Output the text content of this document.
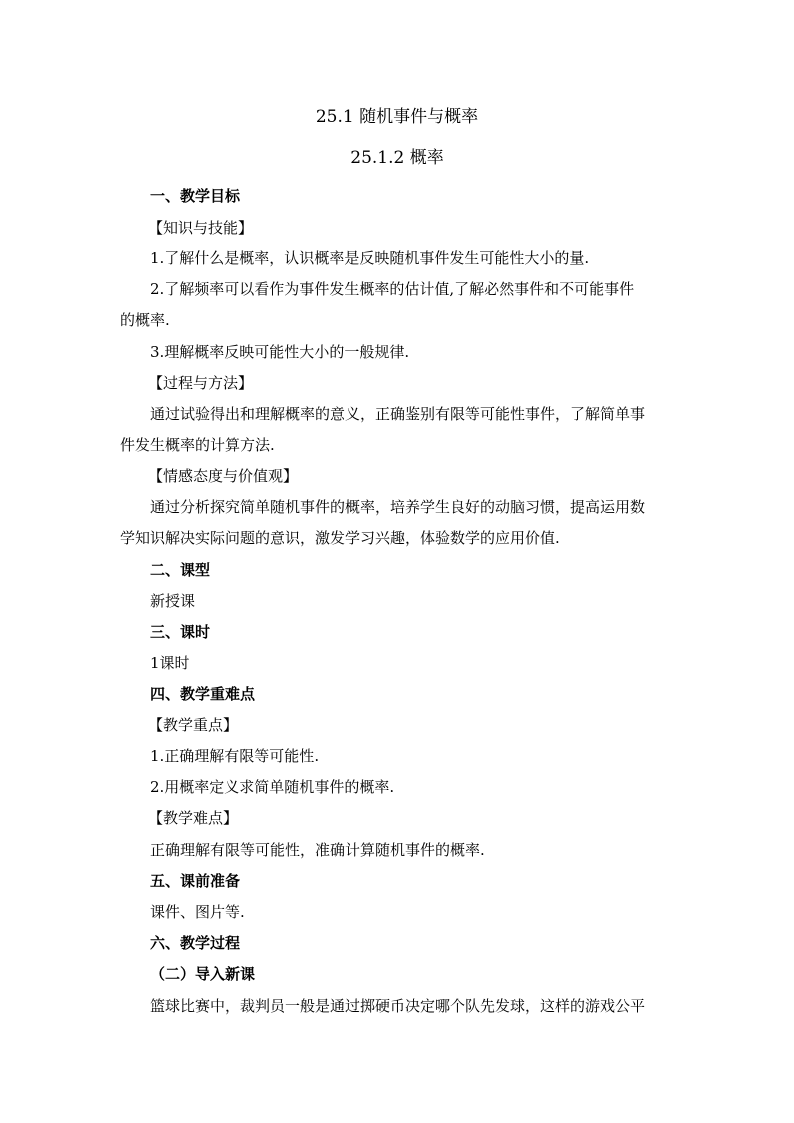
25.1 随机事件与概率
25.1.2 概率
一、教学目标
【知识与技能】
1.了解什么是概率，认识概率是反映随机事件发生可能性大小的量.
2.了解频率可以看作为事件发生概率的估计值,了解必然事件和不可能事件
的概率.
3.理解概率反映可能性大小的一般规律.
【过程与方法】
通过试验得出和理解概率的意义，正确鉴别有限等可能性事件，了解简单事
件发生概率的计算方法.
【情感态度与价值观】
通过分析探究简单随机事件的概率，培养学生良好的动脑习惯，提高运用数
学知识解决实际问题的意识，激发学习兴趣，体验数学的应用价值.
二、课型
新授课
三、课时
1课时
四、教学重难点
【教学重点】
1.正确理解有限等可能性.
2.用概率定义求简单随机事件的概率.
【教学难点】
正确理解有限等可能性，准确计算随机事件的概率.
五、课前准备
课件、图片等.
六、教学过程
（二）导入新课
篮球比赛中，裁判员一般是通过掷硬币决定哪个队先发球，这样的游戏公平
